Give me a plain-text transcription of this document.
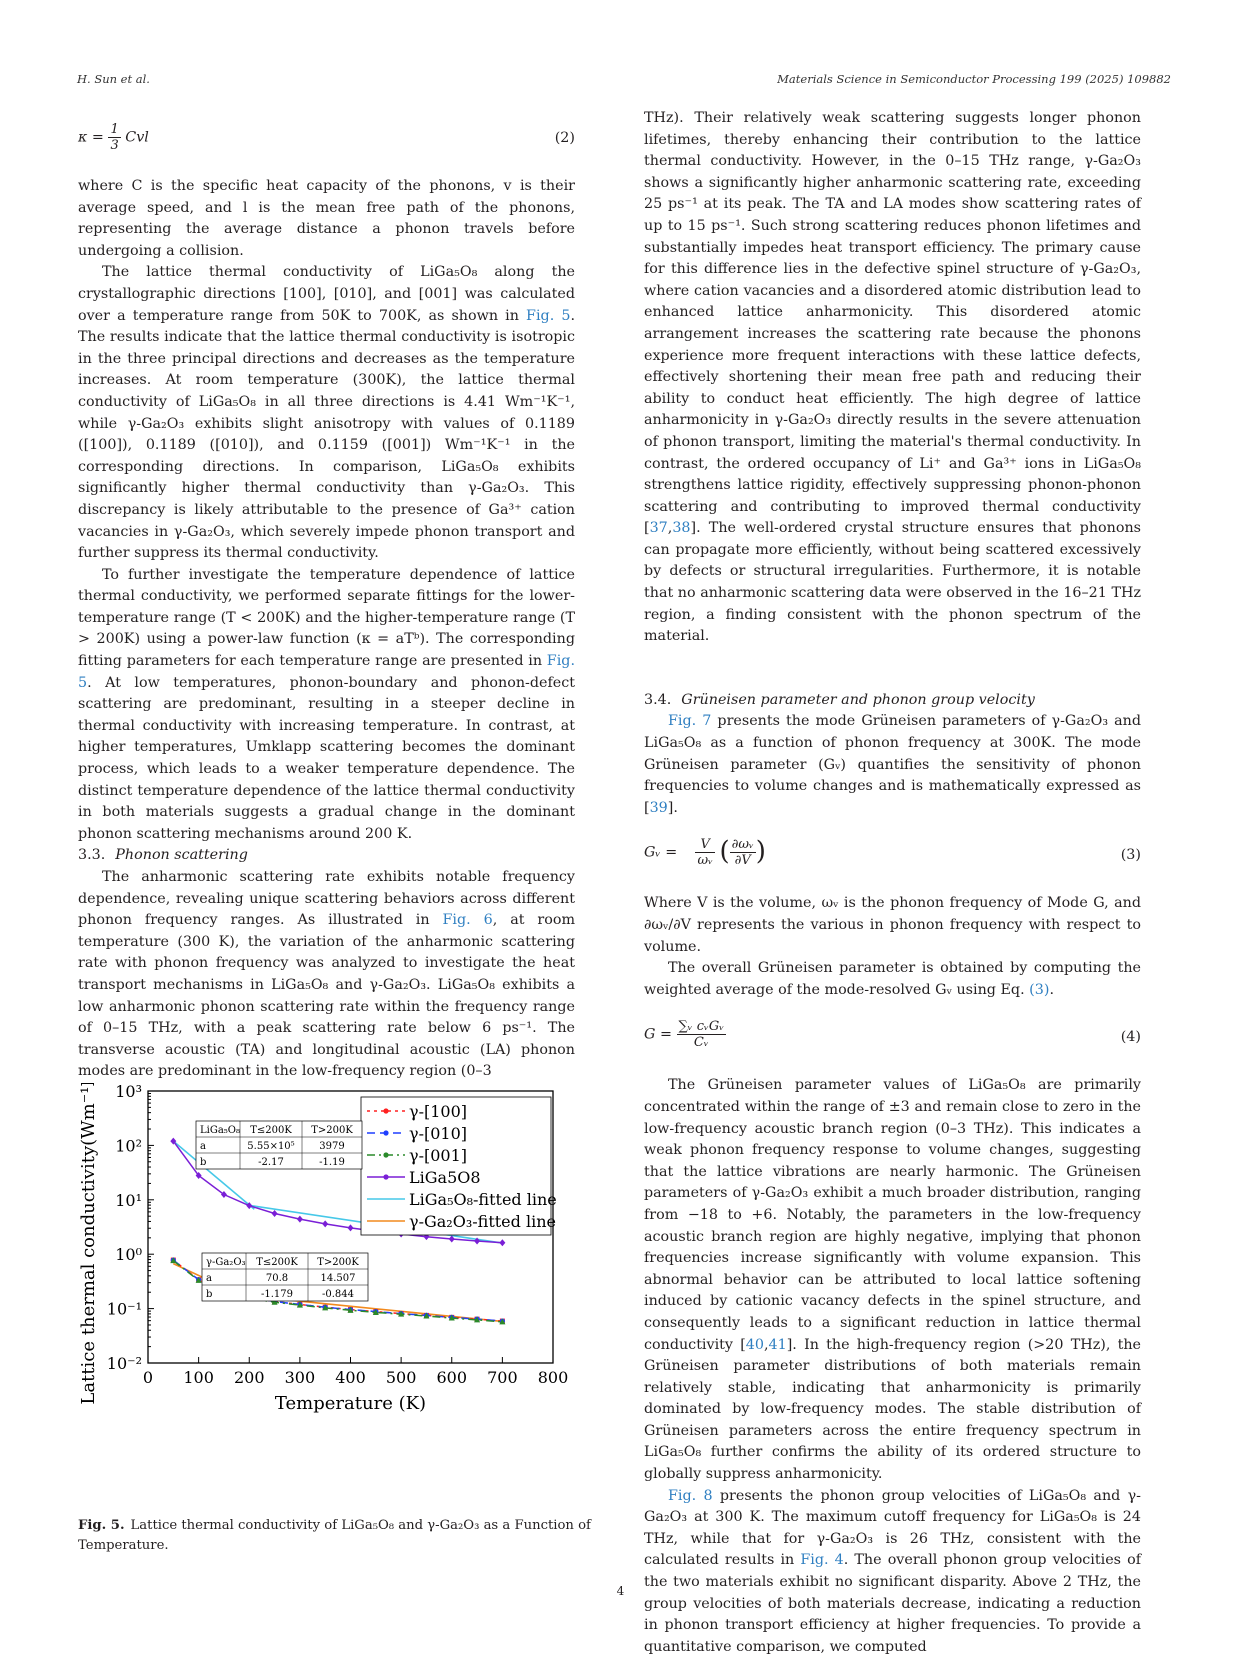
H. Sun et al.	Materials Science in Semiconductor Processing 199 (2025) 109882
$\kappa = \frac{1}{3}$ Cvl	(2)

where C is the specific heat capacity of the phonons, v is their average speed, and l is the mean free path of the phonons, representing the average distance a phonon travels before undergoing a collision.

The lattice thermal conductivity of LiGa₅O₈ along the crystallographic directions [100], [010], and [001] was calculated over a temperature range from 50K to 700K, as shown in Fig. 5. The results indicate that the lattice thermal conductivity is isotropic in the three principal directions and decreases as the temperature increases. At room temperature (300K), the lattice thermal conductivity of LiGa₅O₈ in all three directions is 4.41 Wm⁻¹K⁻¹, while γ-Ga₂O₃ exhibits slight anisotropy with values of 0.1189 ([100]), 0.1189 ([010]), and 0.1159 ([001]) Wm⁻¹K⁻¹ in the corresponding directions. In comparison, LiGa₅O₈ exhibits significantly higher thermal conductivity than γ-Ga₂O₃. This discrepancy is likely attributable to the presence of Ga³⁺ cation vacancies in γ-Ga₂O₃, which severely impede phonon transport and further suppress its thermal conductivity.

To further investigate the temperature dependence of lattice thermal conductivity, we performed separate fittings for the lower-temperature range (T < 200K) and the higher-temperature range (T > 200K) using a power-law function (κ = aTᵇ). The corresponding fitting parameters for each temperature range are presented in Fig. 5. At low temperatures, phonon-boundary and phonon-defect scattering are predominant, resulting in a steeper decline in thermal conductivity with increasing temperature. In contrast, at higher temperatures, Umklapp scattering becomes the dominant process, which leads to a weaker temperature dependence. The distinct temperature dependence of the lattice thermal conductivity in both materials suggests a gradual change in the dominant phonon scattering mechanisms around 200 K.

3.3. Phonon scattering

The anharmonic scattering rate exhibits notable frequency dependence, revealing unique scattering behaviors across different phonon frequency ranges. As illustrated in Fig. 6, at room temperature (300 K), the variation of the anharmonic scattering rate with phonon frequency was analyzed to investigate the heat transport mechanisms in LiGa₅O₈ and γ-Ga₂O₃. LiGa₅O₈ exhibits a low anharmonic phonon scattering rate within the frequency range of 0–15 THz, with a peak scattering rate below 6 ps⁻¹. The transverse acoustic (TA) and longitudinal acoustic (LA) phonon modes are predominant in the low-frequency region (0–3

THz). Their relatively weak scattering suggests longer phonon lifetimes, thereby enhancing their contribution to the lattice thermal conductivity. However, in the 0–15 THz range, γ-Ga₂O₃ shows a significantly higher anharmonic scattering rate, exceeding 25 ps⁻¹ at its peak. The TA and LA modes show scattering rates of up to 15 ps⁻¹. Such strong scattering reduces phonon lifetimes and substantially impedes heat transport efficiency. The primary cause for this difference lies in the defective spinel structure of γ-Ga₂O₃, where cation vacancies and a disordered atomic distribution lead to enhanced lattice anharmonicity. This disordered atomic arrangement increases the scattering rate because the phonons experience more frequent interactions with these lattice defects, effectively shortening their mean free path and reducing their ability to conduct heat efficiently. The high degree of lattice anharmonicity in γ-Ga₂O₃ directly results in the severe attenuation of phonon transport, limiting the material's thermal conductivity. In contrast, the ordered occupancy of Li⁺ and Ga³⁺ ions in LiGa₅O₈ strengthens lattice rigidity, effectively suppressing phonon-phonon scattering and contributing to improved thermal conductivity [37,38]. The well-ordered crystal structure ensures that phonons can propagate more efficiently, without being scattered excessively by defects or structural irregularities. Furthermore, it is notable that no anharmonic scattering data were observed in the 16–21 THz region, a finding consistent with the phonon spectrum of the material.

3.4. Grüneisen parameter and phonon group velocity

Fig. 7 presents the mode Grüneisen parameters of γ-Ga₂O₃ and LiGa₅O₈ as a function of phonon frequency at 300K. The mode Grüneisen parameter (Gᵥ) quantifies the sensitivity of phonon frequencies to volume changes and is mathematically expressed as [39].

Gᵥ = $\frac{V}{\text{ωᵥ}}$ ( $\frac{\text{∂ωᵥ}}{\partial V}$ )	(3)

Where V is the volume, ωᵥ is the phonon frequency of Mode G, and ∂ωᵥ/∂V represents the various in phonon frequency with respect to volume.

The overall Grüneisen parameter is obtained by computing the weighted average of the mode-resolved Gᵥ using Eq. (3).

$G = \frac{\text{∑ᵥ cᵥGᵥ}}{\text{Cᵥ}}$	(4)

The Grüneisen parameter values of LiGa₅O₈ are primarily concentrated within the range of ±3 and remain close to zero in the low-frequency acoustic branch region (0–3 THz). This indicates a weak phonon frequency response to volume changes, suggesting that the lattice vibrations are nearly harmonic. The Grüneisen parameters of γ-Ga₂O₃ exhibit a much broader distribution, ranging from −18 to +6. Notably, the parameters in the low-frequency acoustic branch region are highly negative, implying that phonon frequencies increase significantly with volume expansion. This abnormal behavior can be attributed to local lattice softening induced by cationic vacancy defects in the spinel structure, and consequently leads to a significant reduction in lattice thermal conductivity [40,41]. In the high-frequency region (>20 THz), the Grüneisen parameter distributions of both materials remain relatively stable, indicating that anharmonicity is primarily dominated by low-frequency modes. The stable distribution of Grüneisen parameters across the entire frequency spectrum in LiGa₅O₈ further confirms the ability of its ordered structure to globally suppress anharmonicity.

Fig. 8 presents the phonon group velocities of LiGa₅O₈ and γ-Ga₂O₃ at 300 K. The maximum cutoff frequency for LiGa₅O₈ is 24 THz, while that for γ-Ga₂O₃ is 26 THz, consistent with the calculated results in Fig. 4. The overall phonon group velocities of the two materials exhibit no significant disparity. Above 2 THz, the group velocities of both materials decrease, indicating a reduction in phonon transport efficiency at higher frequencies. To provide a quantitative comparison, we computed

0 100 200 300 400 500 600 700 800
10³
10²
10¹
10⁰
10⁻¹
10⁻²
Temperature (K)
Lattice thermal conductivity(Wm⁻¹K⁻¹)	γ-[100]
γ-[010]
γ-[001]
LiGa5O8
LiGa₅O₈-fitted line
γ-Ga₂O₃-fitted line
LiGa₅O₈ T≤200K T>200K
a	5.55×10⁵ 3979
b	-2.17	-1.19
γ-Ga₂O₃ T≤200K T>200K
a	70.8	14.507
b	-1.179	-0.844
Fig. 5. Lattice thermal conductivity of LiGa₅O₈ and γ-Ga₂O₃ as a Function of Temperature.
4
